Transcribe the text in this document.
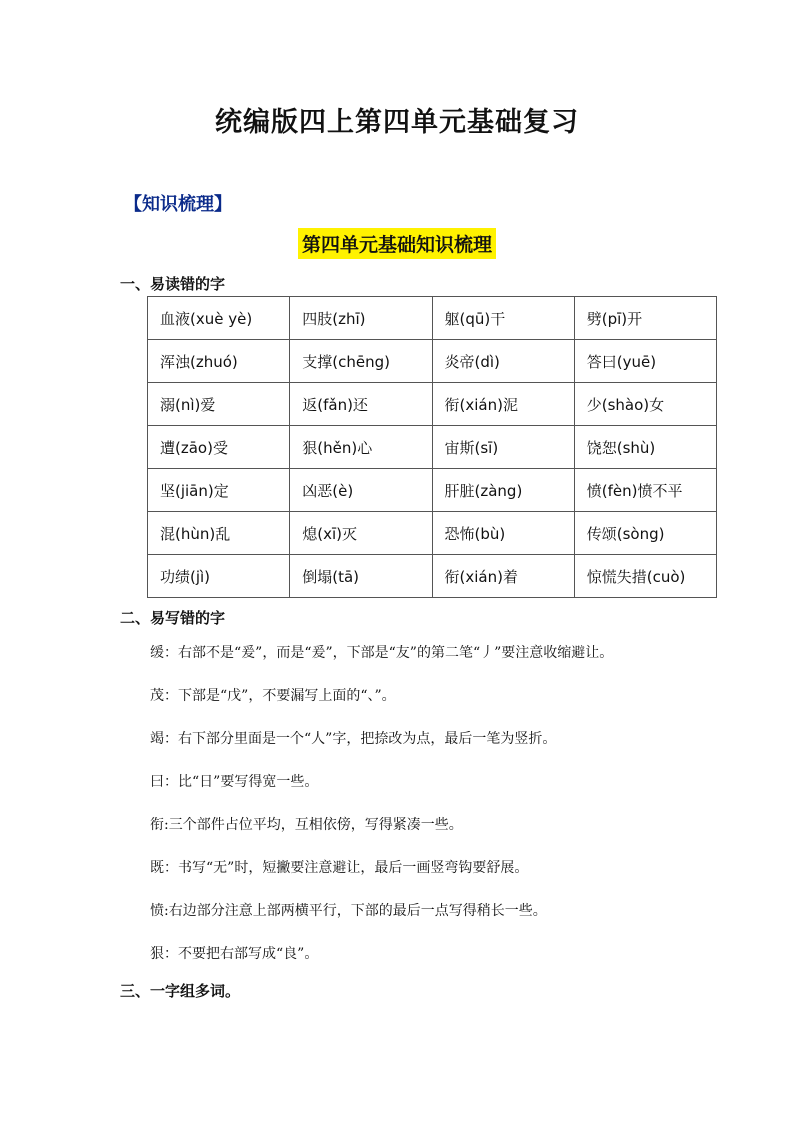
统编版四上第四单元基础复习
【知识梳理】
第四单元基础知识梳理
一、易读错的字
血液(xuè yè)	四肢(zhī)	躯(qū)干	劈(pī)开
浑浊(zhuó)	支撑(chēng)	炎帝(dì)	答曰(yuē)
溺(nì)爱	返(fǎn)还	衔(xián)泥	少(shào)女
遭(zāo)受	狠(hěn)心	宙斯(sī)	饶恕(shù)
坚(jiān)定	凶恶(è)	肝脏(zàng)	愤(fèn)愤不平
混(hùn)乱	熄(xī)灭	恐怖(bù)	传颂(sòng)
功绩(jì)	倒塌(tā)	衔(xián)着	惊慌失措(cuò)
二、易写错的字
缓：右部不是“爰”，而是“爰”，下部是“友”的第二笔“丿”要注意收缩避让。
茂：下部是“戊”，不要漏写上面的“、”。
竭：右下部分里面是一个“人”字，把捺改为点，最后一笔为竖折。
曰：比“日”要写得宽一些。
衔:三个部件占位平均，互相依傍，写得紧凑一些。
既：书写“无”时，短撇要注意避让，最后一画竖弯钩要舒展。
愤:右边部分注意上部两横平行，下部的最后一点写得稍长一些。
狠：不要把右部写成“良”。
三、一字组多词。
